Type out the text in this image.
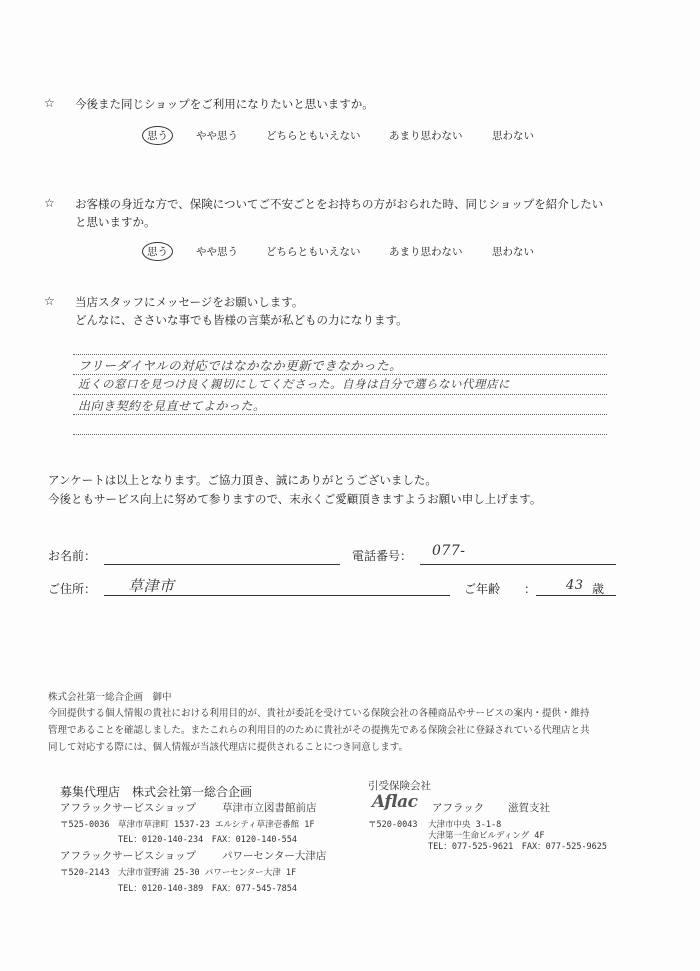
☆ 今後また同じショップをご利用になりたいと思いますか。
思う	やや思う	どちらともいえない	あまり思わない	思わない
☆ お客様の身近な方で、保険についてご不安ごとをお持ちの方がおられた時、同じショップを紹介したい
と思いますか。
思う	やや思う	どちらともいえない	あまり思わない	思わない
☆ 当店スタッフにメッセージをお願いします。
どんなに、ささいな事でも皆様の言葉が私どもの力になります。
フリーダイヤルの対応ではなかなか更新できなかった。
近くの窓口を見つけ良く親切にしてくださった。自身は自分で選らない代理店に
出向き契約を見直せてよかった。
アンケートは以上となります。ご協力頂き、誠にありがとうございました。
今後ともサービス向上に努めて参りますので、末永くご愛顧頂きますようお願い申し上げます。
お名前：	電話番号： 077-
ご住所： 草津市	ご年齢 ： 43 歳
株式会社第一総合企画　御中
今回提供する個人情報の貴社における利用目的が、貴社が委託を受けている保険会社の各種商品やサービスの案内・提供・維持
管理であることを確認しました。またこれらの利用目的のために貴社がその提携先である保険会社に登録されている代理店と共
同して対応する際には、個人情報が当該代理店に提供されることにつき同意します。
募集代理店 株式会社第一総合企画
アフラックサービスショップ 草津市立図書館前店
〒525-0036　草津市草津町 1537-23 エルシティ草津壱番館 1F
TEL：0120-140-234　FAX：0120-140-554
アフラックサービスショップ パワーセンター大津店
〒520-2143　大津市萱野浦 25-30 パワーセンター大津 1F
TEL：0120-140-389　FAX：077-545-7854
引受保険会社
Aflac アフラック 滋賀支社
〒520-0043 大津市中央 3-1-8
大津第一生命ビルディング 4F
TEL：077-525-9621　FAX：077-525-9625
